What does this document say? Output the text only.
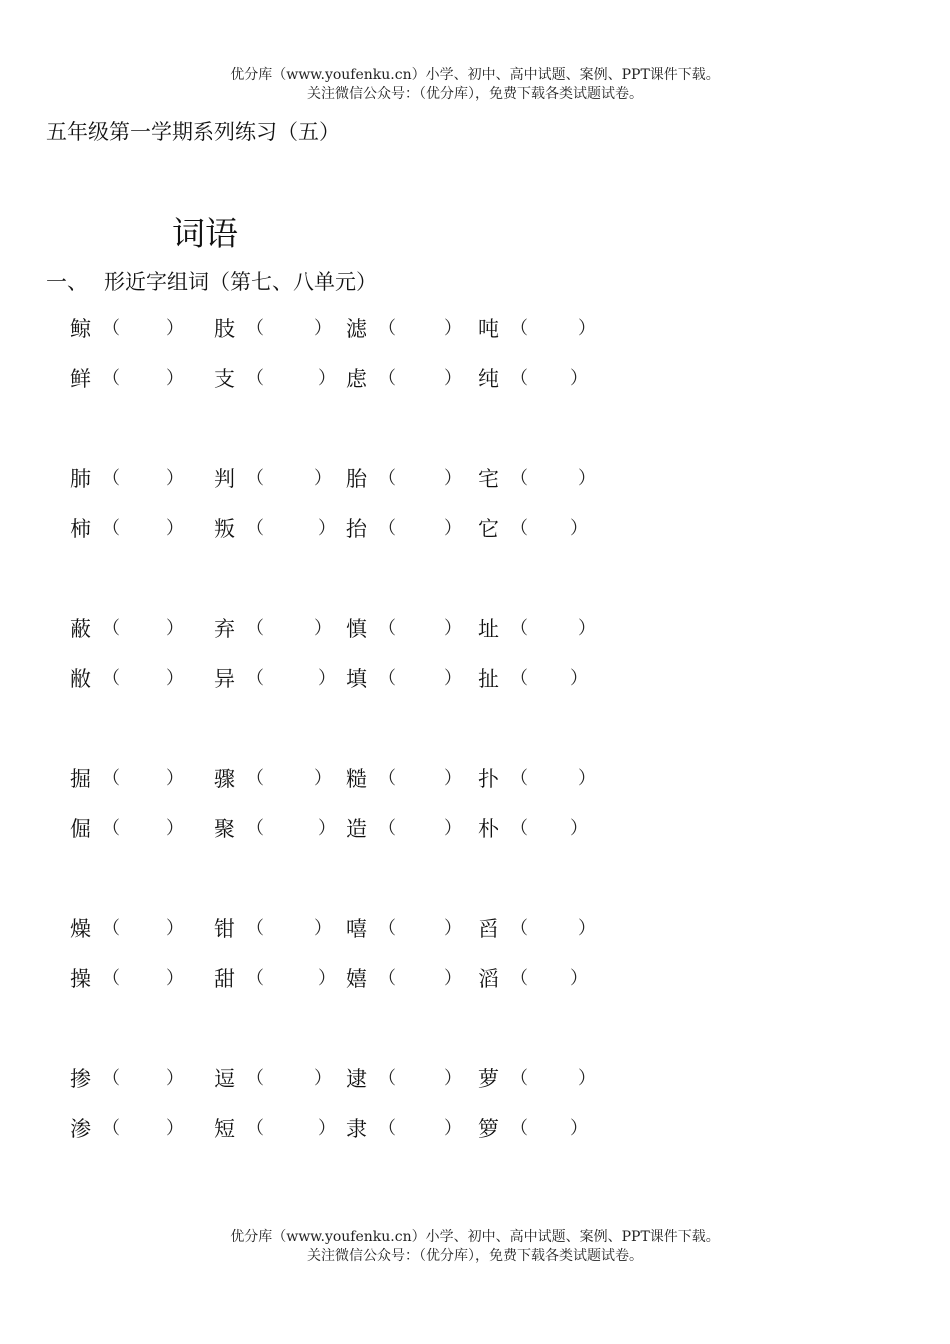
优分库（www.youfenku.cn）小学、初中、高中试题、案例、PPT课件下载。
关注微信公众号：（优分库），免费下载各类试题试卷。
五年级第一学期系列练习（五）
词语
一、 形近字组词（第七、八单元）
鲸 （	） 肢 （	） 滤 （	） 吨 （	）
鲜 （	） 支 （	） 虑 （	） 纯 （ ）
肺 （	） 判 （	） 胎 （	） 宅 （	）
柿 （	） 叛 （	） 抬 （	） 它 （ ）
蔽 （	） 弃 （	） 慎 （	） 址 （	）
敝 （	） 异 （	） 填 （	） 扯 （ ）
掘 （	） 骤 （	） 糙 （	） 扑 （	）
倔 （	） 聚 （	） 造 （	） 朴 （ ）
燥 （	） 钳 （	） 嘻 （	） 舀 （	）
操 （	） 甜 （	） 嬉 （	） 滔 （ ）
掺 （	） 逗 （	） 逮 （	） 萝 （	）
渗 （	） 短 （	） 隶 （	） 箩 （ ）
优分库（www.youfenku.cn）小学、初中、高中试题、案例、PPT课件下载。
关注微信公众号：（优分库），免费下载各类试题试卷。
